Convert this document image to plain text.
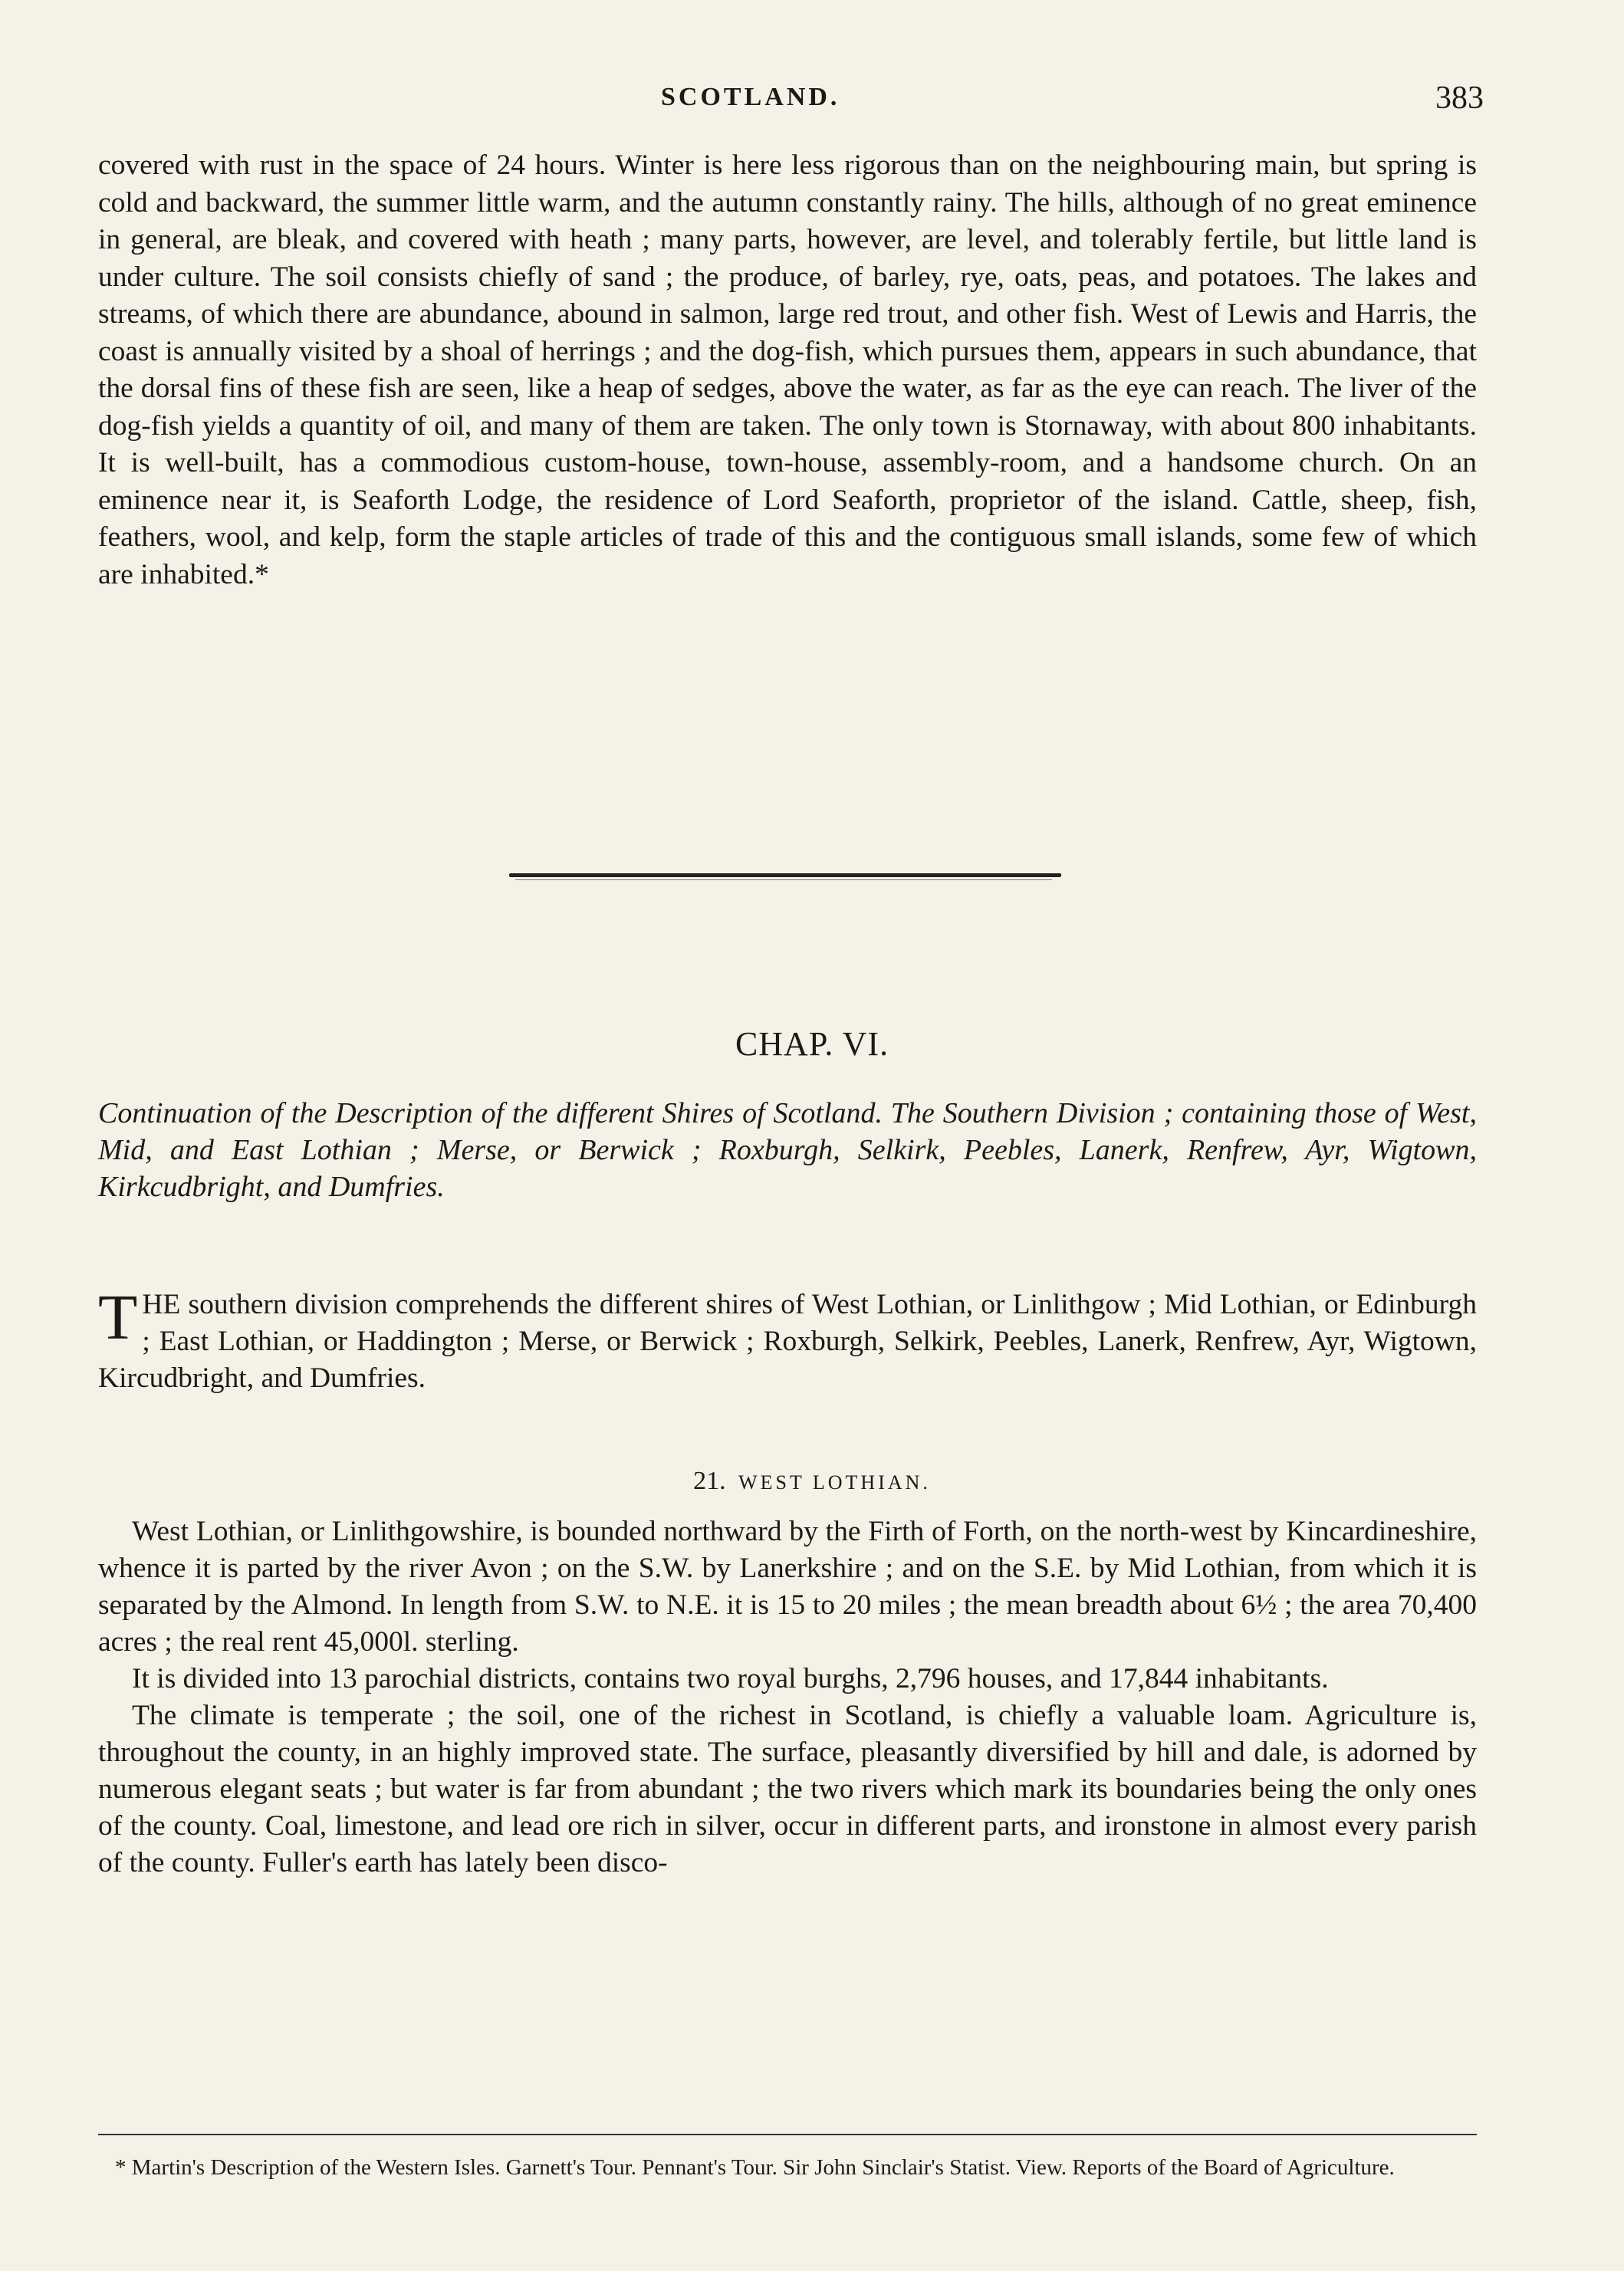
SCOTLAND.	383

covered with rust in the space of 24 hours. Winter is here less rigorous than on the neighbouring main, but spring is cold and backward, the summer little warm, and the autumn constantly rainy. The hills, although of no great eminence in general, are bleak, and covered with heath ; many parts, however, are level, and tolerably fertile, but little land is under culture. The soil consists chiefly of sand ; the produce, of barley, rye, oats, peas, and potatoes. The lakes and streams, of which there are abundance, abound in salmon, large red trout, and other fish. West of Lewis and Harris, the coast is annually visited by a shoal of herrings ; and the dog-fish, which pursues them, appears in such abundance, that the dorsal fins of these fish are seen, like a heap of sedges, above the water, as far as the eye can reach. The liver of the dog-fish yields a quantity of oil, and many of them are taken. The only town is Stornaway, with about 800 inhabitants. It is well-built, has a commodious custom-house, town-house, assembly-room, and a handsome church. On an eminence near it, is Seaforth Lodge, the residence of Lord Seaforth, proprietor of the island. Cattle, sheep, fish, feathers, wool, and kelp, form the staple articles of trade of this and the contiguous small islands, some few of which are inhabited.*

CHAP. VI.
Continuation of the Description of the different Shires of Scotland. The Southern Division ; containing those of West, Mid, and East Lothian ; Merse, or Berwick ; Roxburgh, Selkirk, Peebles, Lanerk, Renfrew, Ayr, Wigtown, Kirkcudbright, and Dumfries.
T HE southern division comprehends the different shires of West Lothian, or Linlithgow ; Mid Lothian, or Edinburgh ; East Lothian, or Haddington ; Merse, or Berwick ; Roxburgh, Selkirk, Peebles, Lanerk, Renfrew, Ayr, Wigtown, Kircudbright, and Dumfries.
21. WEST LOTHIAN.

West Lothian, or Linlithgowshire, is bounded northward by the Firth of Forth, on the north-west by Kincardineshire, whence it is parted by the river Avon ; on the S.W. by Lanerkshire ; and on the S.E. by Mid Lothian, from which it is separated by the Almond. In length from S.W. to N.E. it is 15 to 20 miles ; the mean breadth about 6½ ; the area 70,400 acres ; the real rent 45,000l. sterling.

It is divided into 13 parochial districts, contains two royal burghs, 2,796 houses, and 17,844 inhabitants.

The climate is temperate ; the soil, one of the richest in Scotland, is chiefly a valuable loam. Agriculture is, throughout the county, in an highly improved state. The surface, pleasantly diversified by hill and dale, is adorned by numerous elegant seats ; but water is far from abundant ; the two rivers which mark its boundaries being the only ones of the county. Coal, limestone, and lead ore rich in silver, occur in different parts, and ironstone in almost every parish of the county. Fuller's earth has lately been disco-

* Martin's Description of the Western Isles. Garnett's Tour. Pennant's Tour. Sir John Sinclair's Statist. View. Reports of the Board of Agriculture.
